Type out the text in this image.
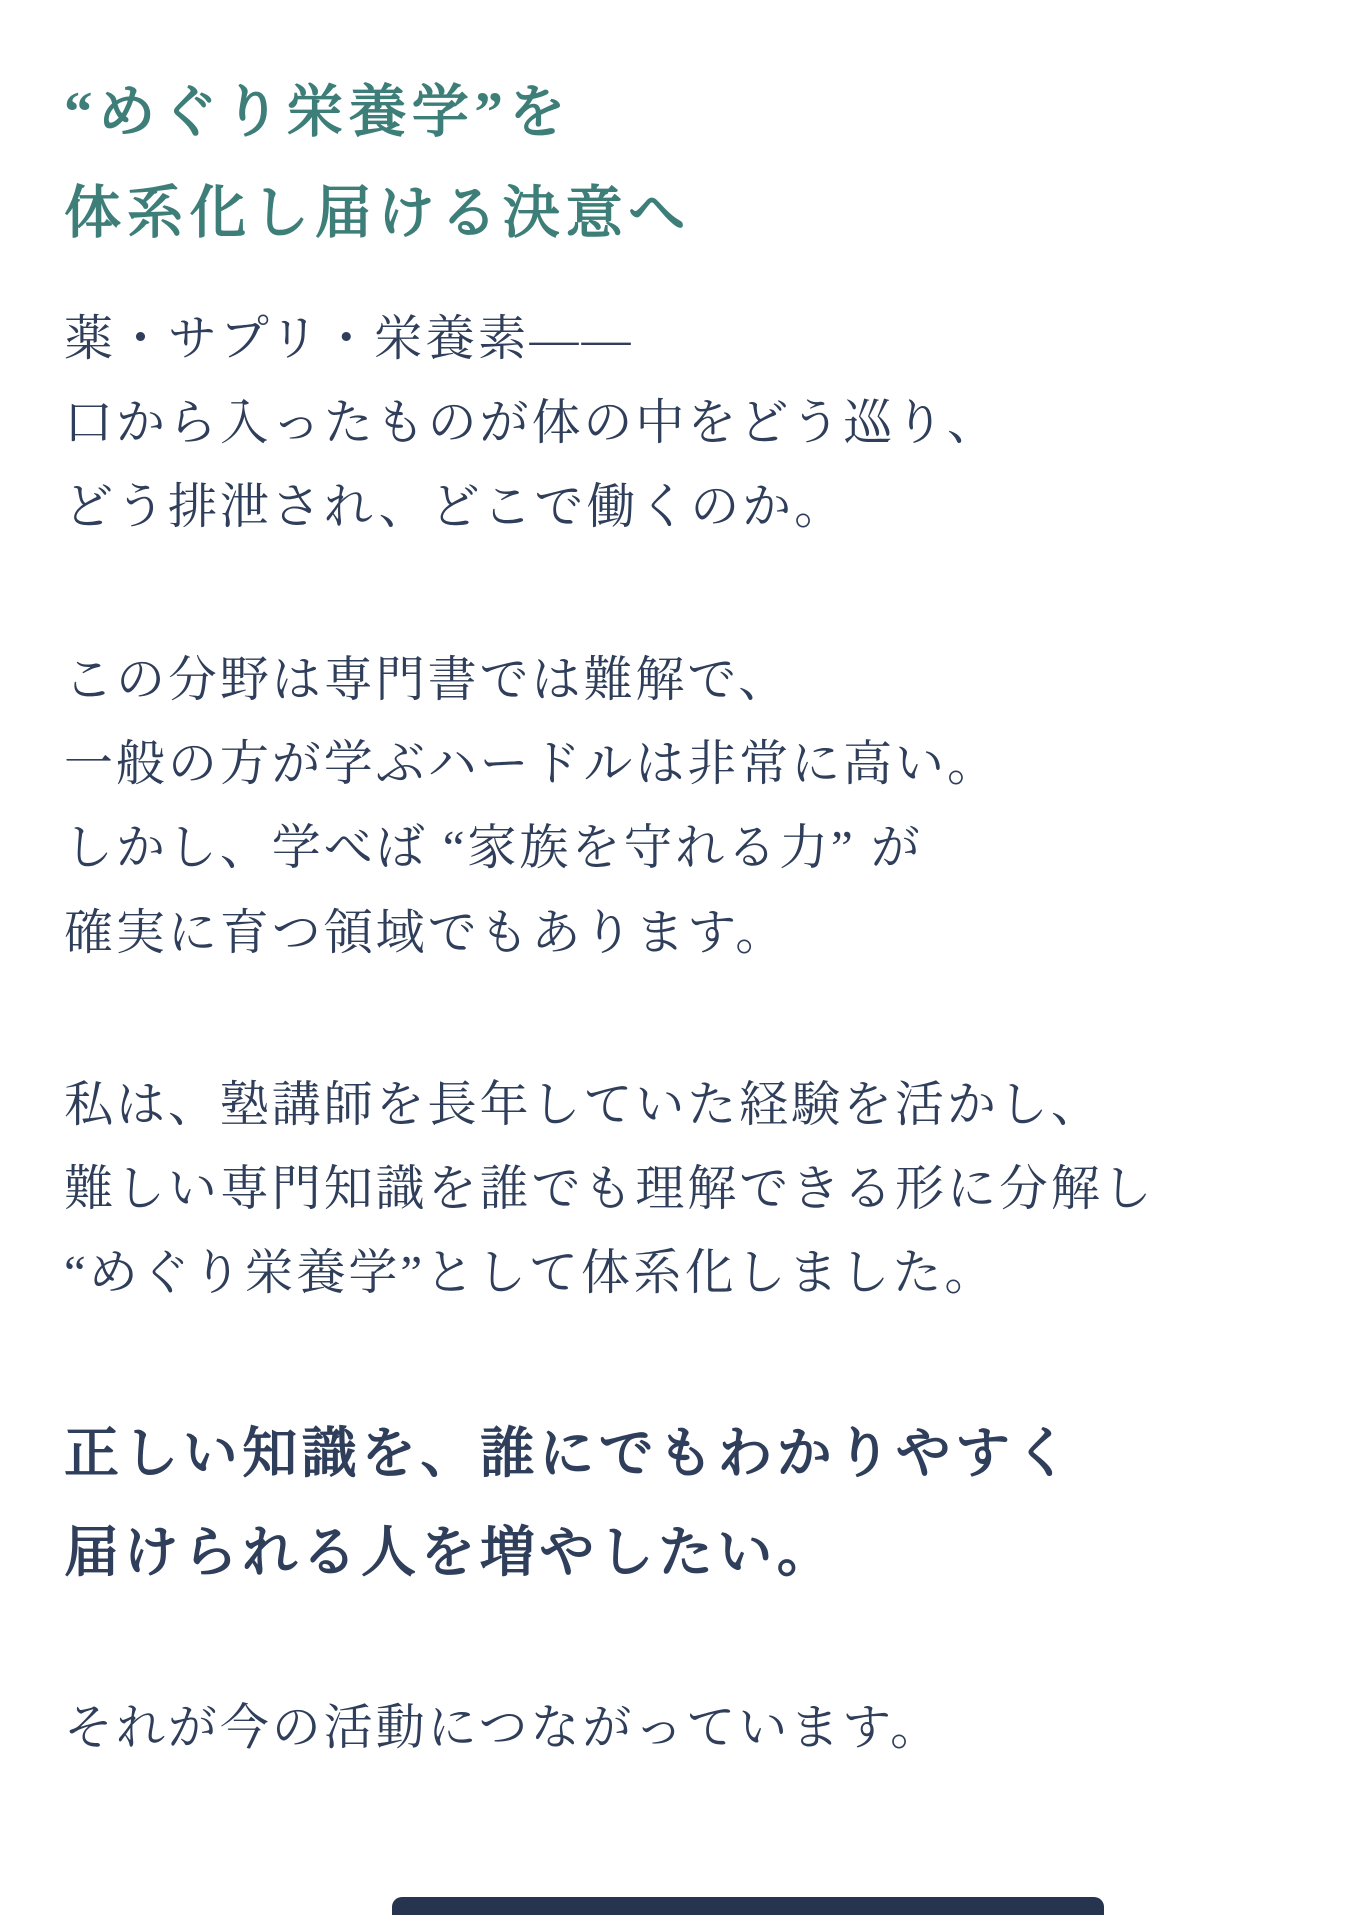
“めぐり栄養学”を
体系化し届ける決意へ

薬・サプリ・栄養素——
口から入ったものが体の中をどう巡り、
どう排泄され、どこで働くのか。

この分野は専門書では難解で、
一般の方が学ぶハードルは非常に高い。
しかし、学べば “家族を守れる力” が
確実に育つ領域でもあります。

私は、塾講師を長年していた経験を活かし、
難しい専門知識を誰でも理解できる形に分解し
“めぐり栄養学”として体系化しました。

正しい知識を、誰にでもわかりやすく
届けられる人を増やしたい。

それが今の活動につながっています。
